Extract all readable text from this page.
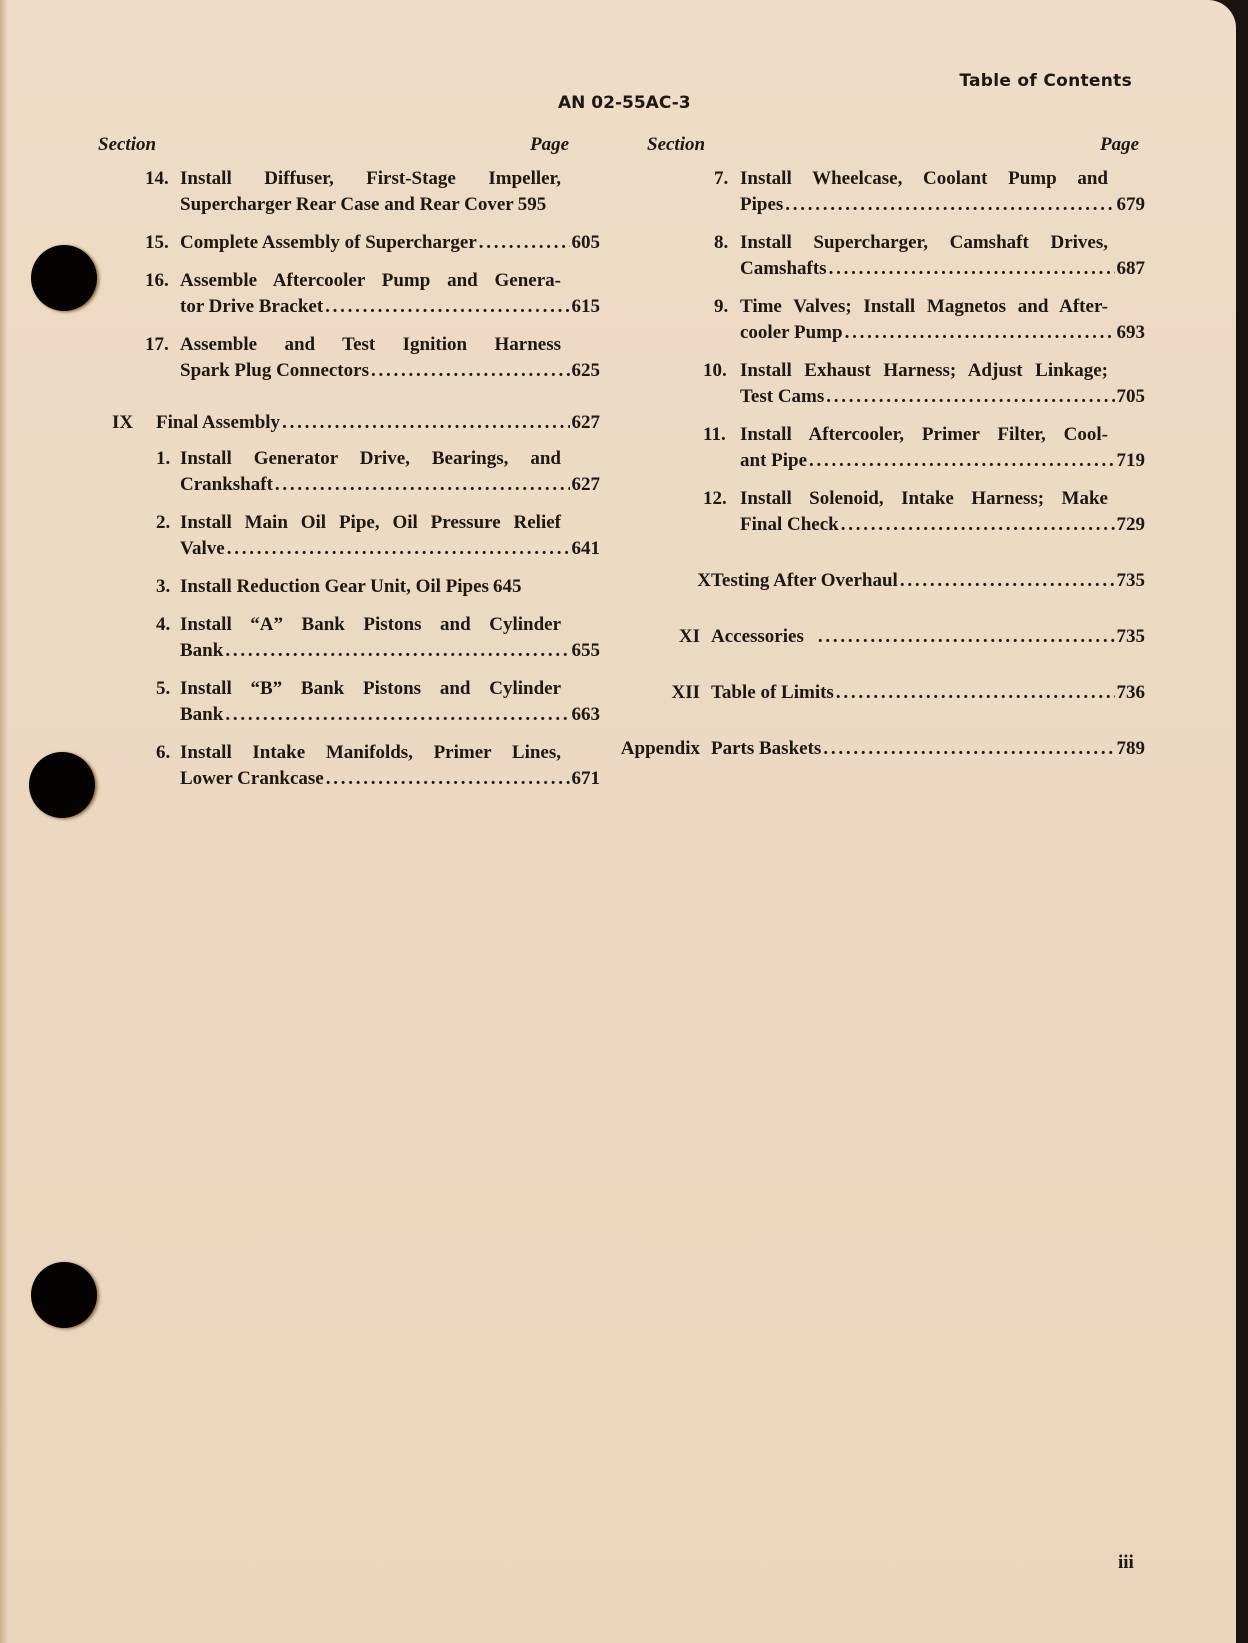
Table of Contents
AN 02-55AC-3
Section	Page	Section	Page
14. Install Diffuser, First-Stage Impeller,
Supercharger Rear Case and Rear Cover 595
15. Complete Assembly of Supercharger . . .	605
16. Assemble Aftercooler Pump and Genera-
tor Drive Bracket . . .	615
17. Assemble and Test Ignition Harness
Spark Plug Connectors . . .	625
IX Final Assembly . . .	627
1. Install Generator Drive, Bearings, and
Crankshaft . . .	627
2. Install Main Oil Pipe, Oil Pressure Relief
Valve . . .	641
3. Install Reduction Gear Unit, Oil Pipes 645
4. Install “A” Bank Pistons and Cylinder
Bank . . .	655
5. Install “B” Bank Pistons and Cylinder
Bank . . .	663
6. Install Intake Manifolds, Primer Lines,
Lower Crankcase . . .	671
7. Install Wheelcase, Coolant Pump and
Pipes . . .	679
8. Install Supercharger, Camshaft Drives,
Camshafts . . .	687
9. Time Valves; Install Magnetos and After-
cooler Pump . . .	693
10. Install Exhaust Harness; Adjust Linkage;
Test Cams . . .	705
11. Install Aftercooler, Primer Filter, Cool-
ant Pipe . . .	719
12. Install Solenoid, Intake Harness; Make
Final Check . . .	729
X Testing After Overhaul . . .	735
XI Accessories . . .	735
XII Table of Limits . . .	736
Appendix Parts Baskets . . .	789
iii
